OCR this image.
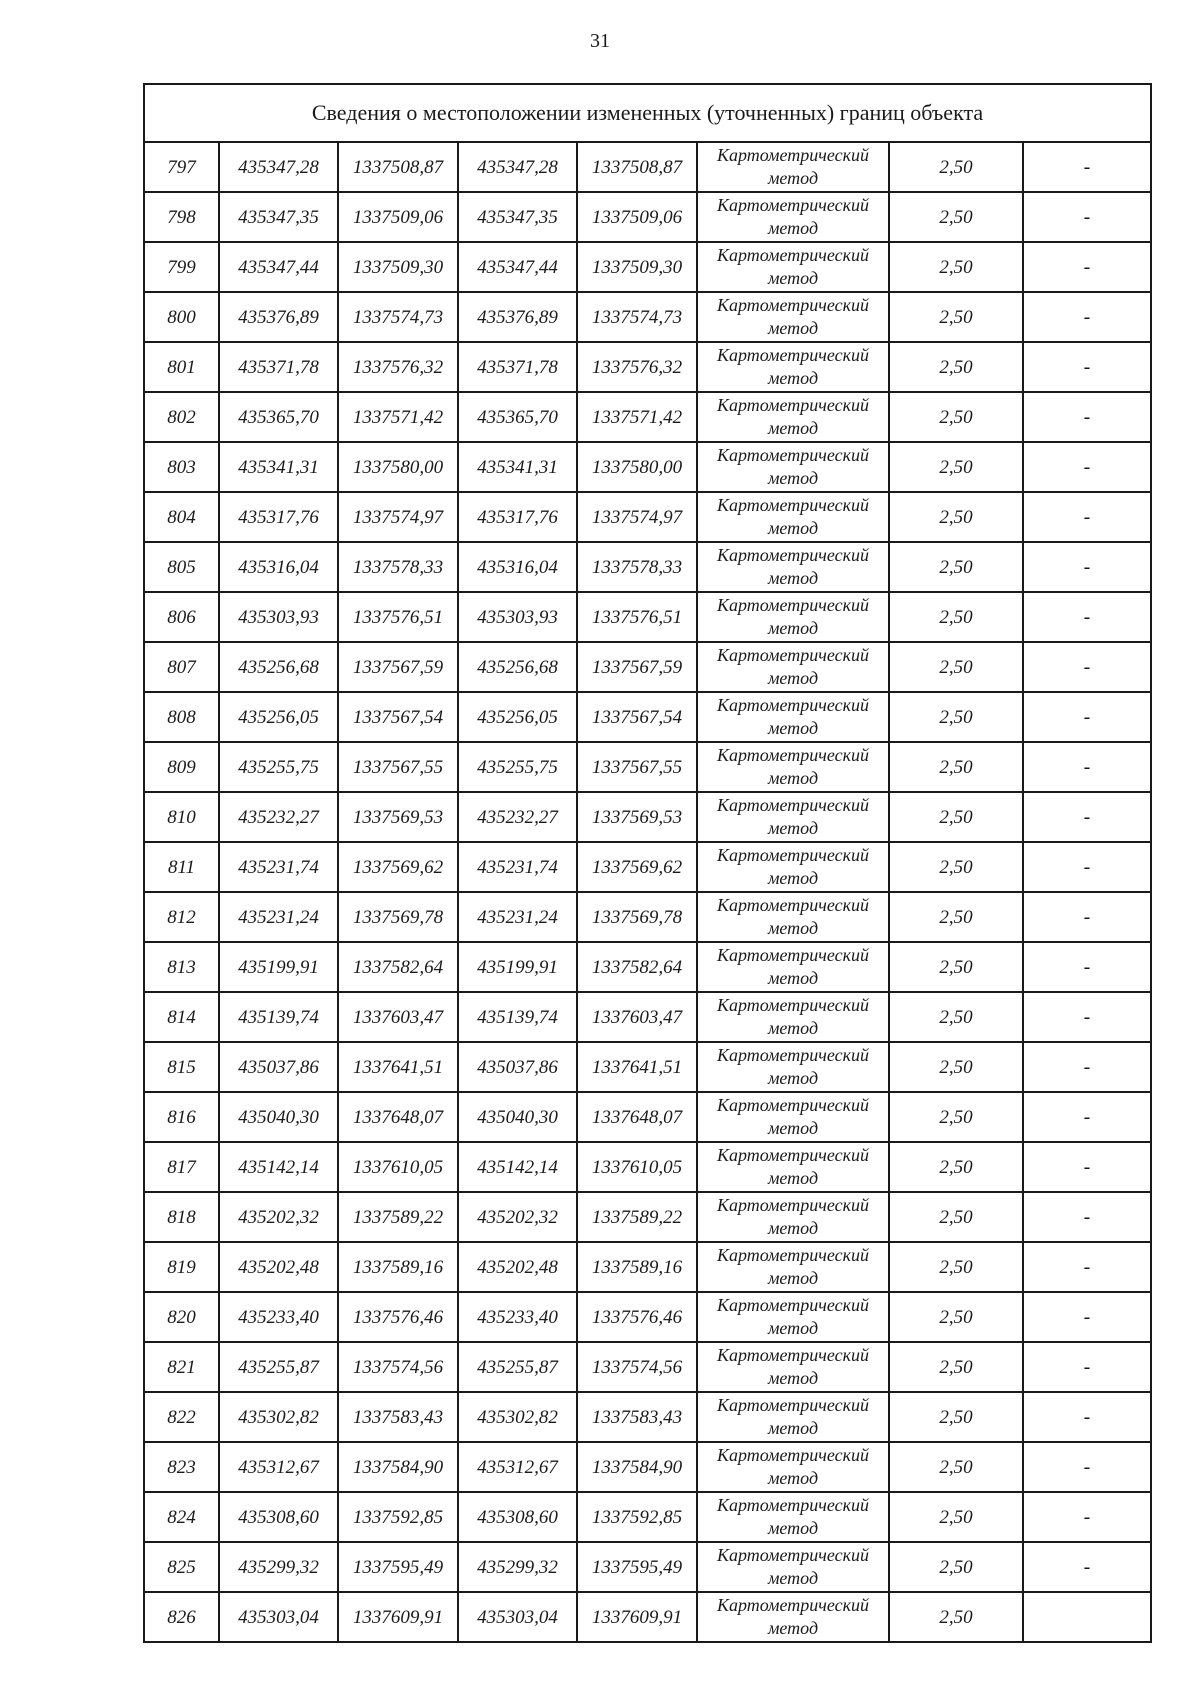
31
Сведения о местоположении измененных (уточненных) границ объекта							
797	435347,28	1337508,87	435347,28	1337508,87	Картометрический
метод	2,50	-
798	435347,35	1337509,06	435347,35	1337509,06	Картометрический
метод	2,50	-
799	435347,44	1337509,30	435347,44	1337509,30	Картометрический
метод	2,50	-
800	435376,89	1337574,73	435376,89	1337574,73	Картометрический
метод	2,50	-
801	435371,78	1337576,32	435371,78	1337576,32	Картометрический
метод	2,50	-
802	435365,70	1337571,42	435365,70	1337571,42	Картометрический
метод	2,50	-
803	435341,31	1337580,00	435341,31	1337580,00	Картометрический
метод	2,50	-
804	435317,76	1337574,97	435317,76	1337574,97	Картометрический
метод	2,50	-
805	435316,04	1337578,33	435316,04	1337578,33	Картометрический
метод	2,50	-
806	435303,93	1337576,51	435303,93	1337576,51	Картометрический
метод	2,50	-
807	435256,68	1337567,59	435256,68	1337567,59	Картометрический
метод	2,50	-
808	435256,05	1337567,54	435256,05	1337567,54	Картометрический
метод	2,50	-
809	435255,75	1337567,55	435255,75	1337567,55	Картометрический
метод	2,50	-
810	435232,27	1337569,53	435232,27	1337569,53	Картометрический
метод	2,50	-
811	435231,74	1337569,62	435231,74	1337569,62	Картометрический
метод	2,50	-
812	435231,24	1337569,78	435231,24	1337569,78	Картометрический
метод	2,50	-
813	435199,91	1337582,64	435199,91	1337582,64	Картометрический
метод	2,50	-
814	435139,74	1337603,47	435139,74	1337603,47	Картометрический
метод	2,50	-
815	435037,86	1337641,51	435037,86	1337641,51	Картометрический
метод	2,50	-
816	435040,30	1337648,07	435040,30	1337648,07	Картометрический
метод	2,50	-
817	435142,14	1337610,05	435142,14	1337610,05	Картометрический
метод	2,50	-
818	435202,32	1337589,22	435202,32	1337589,22	Картометрический
метод	2,50	-
819	435202,48	1337589,16	435202,48	1337589,16	Картометрический
метод	2,50	-
820	435233,40	1337576,46	435233,40	1337576,46	Картометрический
метод	2,50	-
821	435255,87	1337574,56	435255,87	1337574,56	Картометрический
метод	2,50	-
822	435302,82	1337583,43	435302,82	1337583,43	Картометрический
метод	2,50	-
823	435312,67	1337584,90	435312,67	1337584,90	Картометрический
метод	2,50	-
824	435308,60	1337592,85	435308,60	1337592,85	Картометрический
метод	2,50	-
825	435299,32	1337595,49	435299,32	1337595,49	Картометрический
метод	2,50	-
826	435303,04	1337609,91	435303,04	1337609,91	Картометрический
метод	2,50	
